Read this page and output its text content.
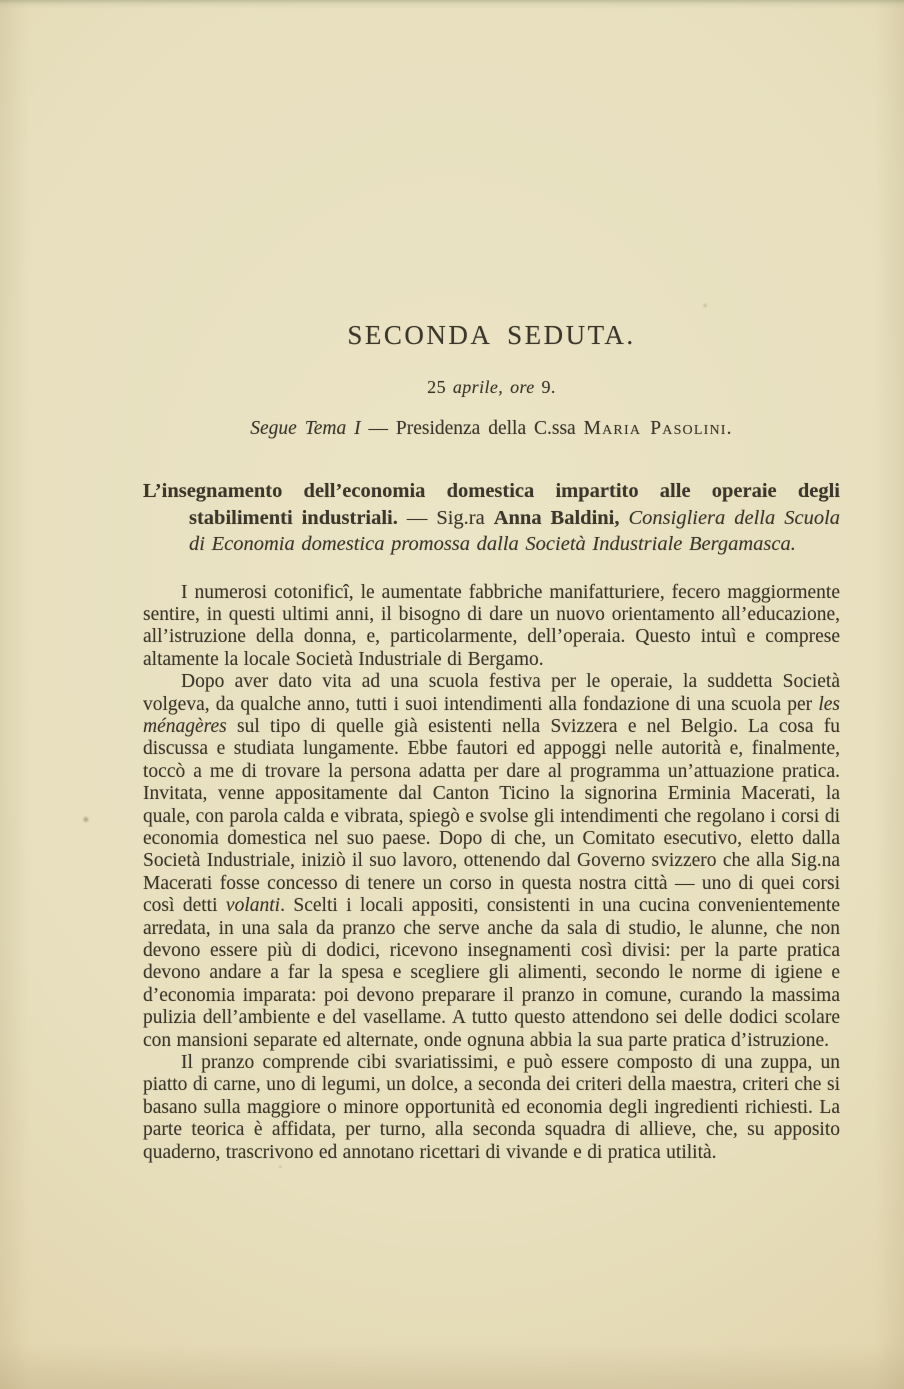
SECONDA SEDUTA.

25 aprile, ore 9.

Segue Tema I — Presidenza della C.ssa Maria Pasolini.

L’insegnamento dell’economia domestica impartito alle operaie degli stabilimenti industriali. — Sig.ra Anna Baldini, Consigliera della Scuola di Economia domestica promossa dalla Società Industriale Bergamasca.

I numerosi cotonificî, le aumentate fabbriche manifatturiere, fecero maggiormente sentire, in questi ultimi anni, il bisogno di dare un nuovo orientamento all’educazione, all’istruzione della donna, e, particolarmente, dell’operaia. Questo intuì e comprese altamente la locale Società Industriale di Bergamo.

Dopo aver dato vita ad una scuola festiva per le operaie, la suddetta Società volgeva, da qualche anno, tutti i suoi intendimenti alla fondazione di una scuola per les ménagères sul tipo di quelle già esistenti nella Svizzera e nel Belgio. La cosa fu discussa e studiata lungamente. Ebbe fautori ed appoggi nelle autorità e, finalmente, toccò a me di trovare la persona adatta per dare al programma un’attuazione pratica. Invitata, venne appositamente dal Canton Ticino la signorina Erminia Macerati, la quale, con parola calda e vibrata, spiegò e svolse gli intendimenti che regolano i corsi di economia domestica nel suo paese. Dopo di che, un Comitato esecutivo, eletto dalla Società Industriale, iniziò il suo lavoro, ottenendo dal Governo svizzero che alla Sig.na Macerati fosse concesso di tenere un corso in questa nostra città — uno di quei corsi così detti volanti. Scelti i locali appositi, consistenti in una cucina convenientemente arredata, in una sala da pranzo che serve anche da sala di studio, le alunne, che non devono essere più di dodici, ricevono insegnamenti così divisi: per la parte pratica devono andare a far la spesa e scegliere gli alimenti, secondo le norme di igiene e d’economia imparata: poi devono preparare il pranzo in comune, curando la massima pulizia dell’ambiente e del vasellame. A tutto questo attendono sei delle dodici scolare con mansioni separate ed alternate, onde ognuna abbia la sua parte pratica d’istruzione.

Il pranzo comprende cibi svariatissimi, e può essere composto di una zuppa, un piatto di carne, uno di legumi, un dolce, a seconda dei criteri della maestra, criteri che si basano sulla maggiore o minore opportunità ed economia degli ingredienti richiesti. La parte teorica è affidata, per turno, alla seconda squadra di allieve, che, su apposito quaderno, trascrivono ed annotano ricettari di vivande e di pratica utilità.
